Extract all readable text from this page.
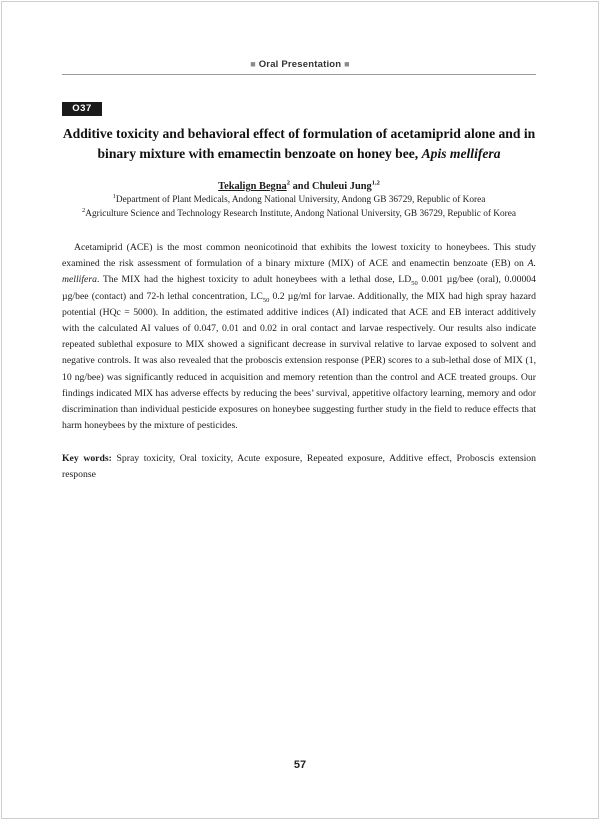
■ Oral Presentation ■
O37
Additive toxicity and behavioral effect of formulation of acetamiprid alone and in binary mixture with emamectin benzoate on honey bee, Apis mellifera
Tekalign Begna$^2$ and Chuleui Jung$^{1,2}$
$^1$Department of Plant Medicals, Andong National University, Andong GB 36729, Republic of Korea
$^2$Agriculture Science and Technology Research Institute, Andong National University, GB 36729, Republic of Korea

Acetamiprid (ACE) is the most common neonicotinoid that exhibits the lowest toxicity to honeybees. This study examined the risk assessment of formulation of a binary mixture (MIX) of ACE and enamectin benzoate (EB) on A. mellifera. The MIX had the highest toxicity to adult honeybees with a lethal dose, $LD_{50}$ 0.001 µg/bee (oral), 0.00004 µg/bee (contact) and 72-h lethal concentration, $LC_{50}$ 0.2 µg/ml for larvae. Additionally, the MIX had high spray hazard potential (HQc = 5000). In addition, the estimated additive indices (AI) indicated that ACE and EB interact additively with the calculated AI values of 0.047, 0.01 and 0.02 in oral contact and larvae respectively. Our results also indicate repeated sublethal exposure to MIX showed a significant decrease in survival relative to larvae exposed to solvent and negative controls. It was also revealed that the proboscis extension response (PER) scores to a sub-lethal dose of MIX (1, 10 ng/bee) was significantly reduced in acquisition and memory retention than the control and ACE treated groups. Our findings indicated MIX has adverse effects by reducing the bees’ survival, appetitive olfactory learning, memory and odor discrimination than individual pesticide exposures on honeybee suggesting further study in the field to reduce effects that harm honeybees by the mixture of pesticides.

Key words: Spray toxicity, Oral toxicity, Acute exposure, Repeated exposure, Additive effect, Proboscis extension response

57
